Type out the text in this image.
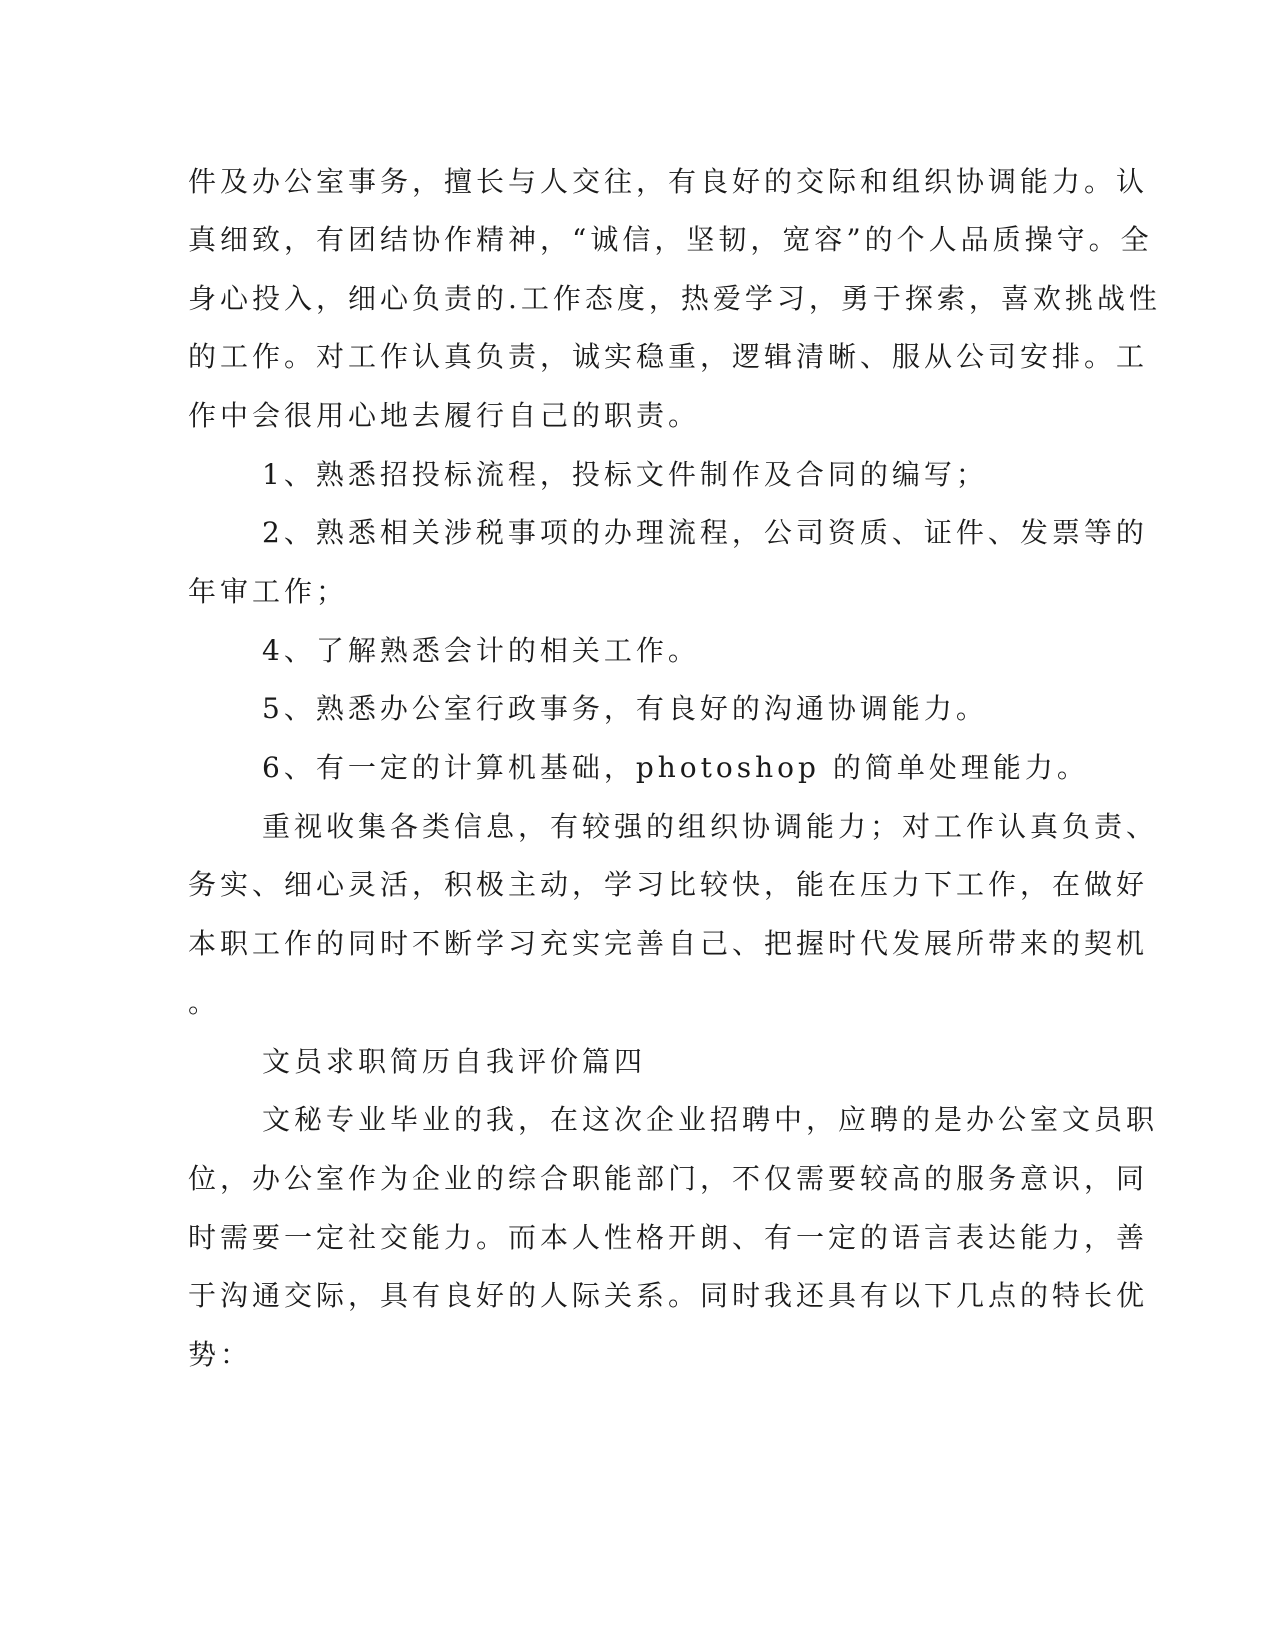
件及办公室事务，擅长与人交往，有良好的交际和组织协调能力。认
真细致，有团结协作精神，“诚信，坚韧，宽容”的个人品质操守。全
身心投入，细心负责的.工作态度，热爱学习，勇于探索，喜欢挑战性
的工作。对工作认真负责，诚实稳重，逻辑清晰、服从公司安排。工
作中会很用心地去履行自己的职责。
1、熟悉招投标流程，投标文件制作及合同的编写；
2、熟悉相关涉税事项的办理流程，公司资质、证件、发票等的
年审工作；
4、了解熟悉会计的相关工作。
5、熟悉办公室行政事务，有良好的沟通协调能力。
6、有一定的计算机基础，photoshop 的简单处理能力。
重视收集各类信息，有较强的组织协调能力；对工作认真负责、
务实、细心灵活，积极主动，学习比较快，能在压力下工作，在做好
本职工作的同时不断学习充实完善自己、把握时代发展所带来的契机
。
文员求职简历自我评价篇四
文秘专业毕业的我，在这次企业招聘中，应聘的是办公室文员职
位，办公室作为企业的综合职能部门，不仅需要较高的服务意识，同
时需要一定社交能力。而本人性格开朗、有一定的语言表达能力，善
于沟通交际，具有良好的人际关系。同时我还具有以下几点的特长优
势：
